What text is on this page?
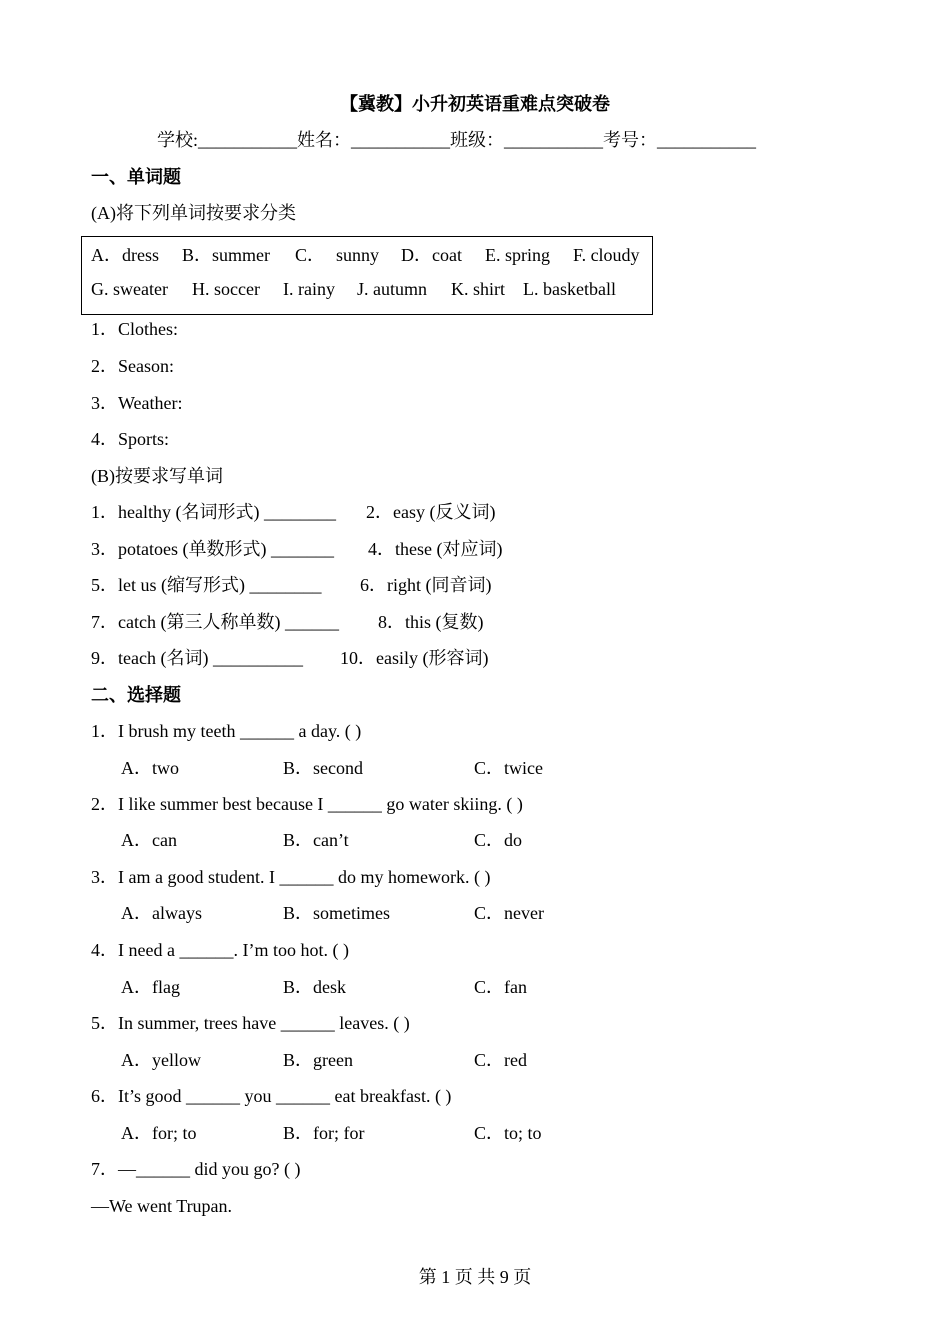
【冀教】小升初英语重难点突破卷
学校:___________姓名：___________班级：___________考号：___________
一、单词题
(A)将下列单词按要求分类
A．dress B．summer C． sunny D．coat E. spring F. cloudy
G. sweater H. soccer I. rainy J. autumn K. shirt L. basketball
1．Clothes:
2．Season:
3．Weather:
4．Sports:
(B)按要求写单词
1．healthy (名词形式) ________ 2．easy (反义词)
3．potatoes (单数形式) _______ 4．these (对应词)
5．let us (缩写形式) ________ 6．right (同音词)
7．catch (第三人称单数) ______ 8．this (复数)
9．teach (名词) __________ 10．easily (形容词)
二、选择题
1．I brush my teeth ______ a day. ( )
A．two	B．second	C．twice
2．I like summer best because I ______ go water skiing. ( )
A．can	B．can’t	C．do
3．I am a good student. I ______ do my homework. ( )
A．always	B．sometimes	C．never
4．I need a ______. I’m too hot. ( )
A．flag	B．desk	C．fan
5．In summer, trees have ______ leaves. ( )
A．yellow	B．green	C．red
6．It’s good ______ you ______ eat breakfast. ( )
A．for; to	B．for; for	C．to; to
7．—______ did you go? ( )
—We went Trupan.
第 1 页 共 9 页
